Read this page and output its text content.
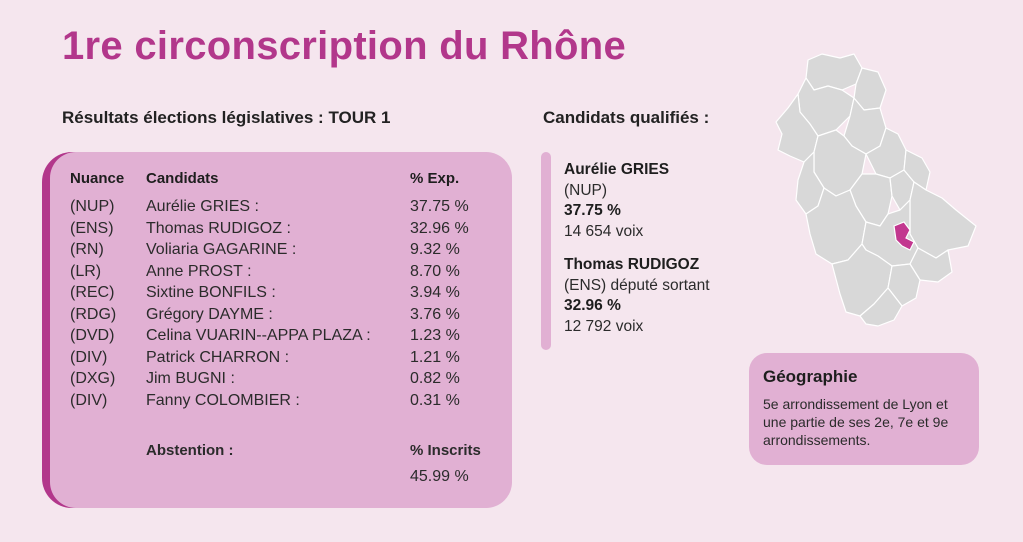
1re circonscription du Rhône
Résultats élections législatives : TOUR 1	Candidats qualifiés :
Nuance Candidats	% Exp.
(NUP) Aurélie GRIES :	37.75 %
(ENS) Thomas RUDIGOZ :	32.96 %
(RN)	Voliaria GAGARINE :	9.32 %
(LR)	Anne PROST :	8.70 %
(REC) Sixtine BONFILS :	3.94 %
(RDG) Grégory DAYME :	3.76 %
(DVD) Celina VUARIN--APPA PLAZA : 1.23 %
(DIV) Patrick CHARRON :	1.21 %
(DXG) Jim BUGNI :	0.82 %
(DIV) Fanny COLOMBIER :	0.31 %
Abstention :	% Inscrits
45.99 %
Aurélie GRIES
(NUP)
37.75 %
14 654 voix
Thomas RUDIGOZ
(ENS) député sortant
32.96 %
12 792 voix
Géographie
5e arrondissement de Lyon et une partie de ses 2e, 7e et 9e arrondissements.
